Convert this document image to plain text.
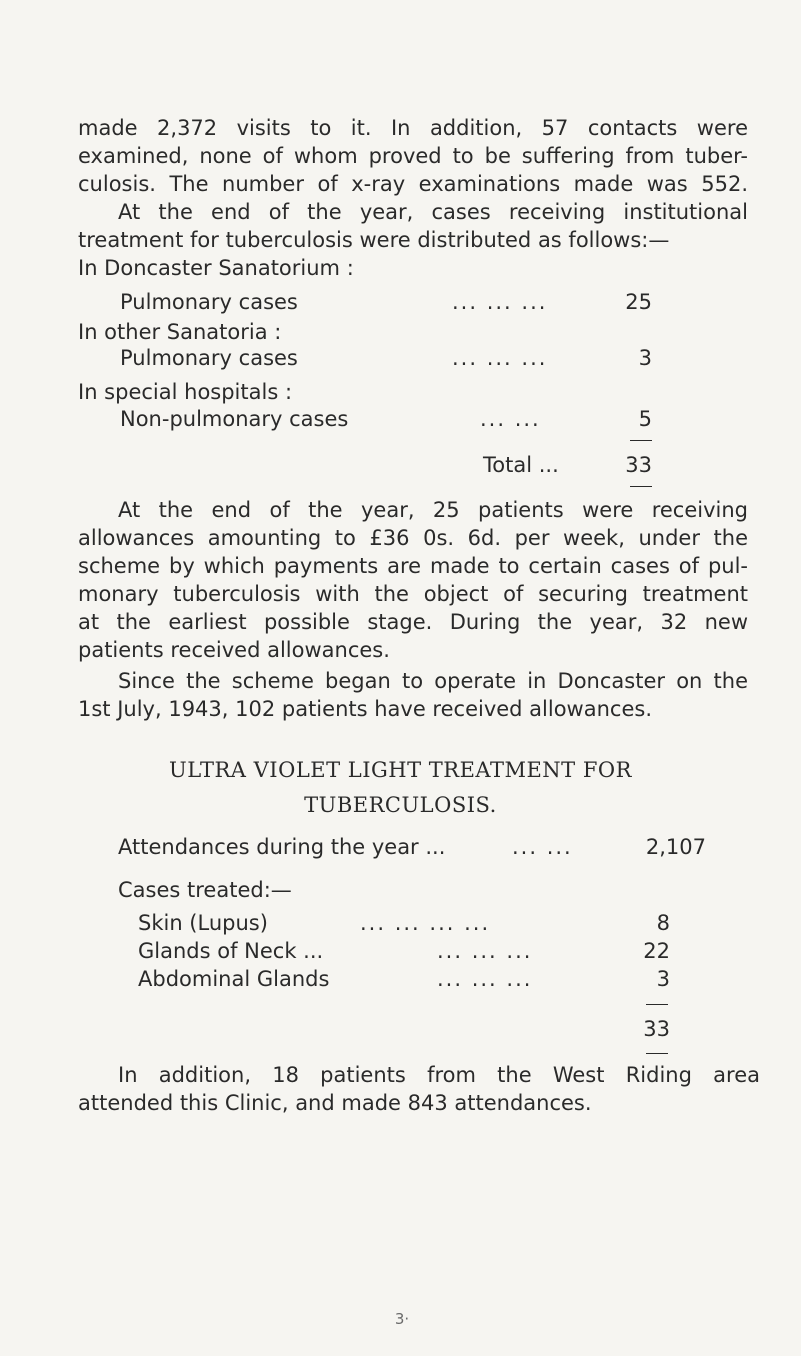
made 2,372 visits to it. In addition, 57 contacts were
examined, none of whom proved to be suffering from tuber-
culosis. The number of x-ray examinations made was 552.
At the end of the year, cases receiving institutional
treatment for tuberculosis were distributed as follows:—
In Doncaster Sanatorium :
Pulmonary cases	... ... ...	25
In other Sanatoria :
Pulmonary cases	... ... ...	3
In special hospitals :
Non-pulmonary cases	... ...	5
Total ...	33
At the end of the year, 25 patients were receiving
allowances amounting to £36 0s. 6d. per week, under the
scheme by which payments are made to certain cases of pul-
monary tuberculosis with the object of securing treatment
at the earliest possible stage. During the year, 32 new
patients received allowances.
Since the scheme began to operate in Doncaster on the
1st July, 1943, 102 patients have received allowances.
ULTRA VIOLET LIGHT TREATMENT FOR
TUBERCULOSIS.
Attendances during the year ...	... ...	2,107
Cases treated:—
Skin (Lupus)	... ... ... ...	8
Glands of Neck ...	... ... ...	22
Abdominal Glands	... ... ...	3
33
In addition, 18 patients from the West Riding area
attended this Clinic, and made 843 attendances.
3·
